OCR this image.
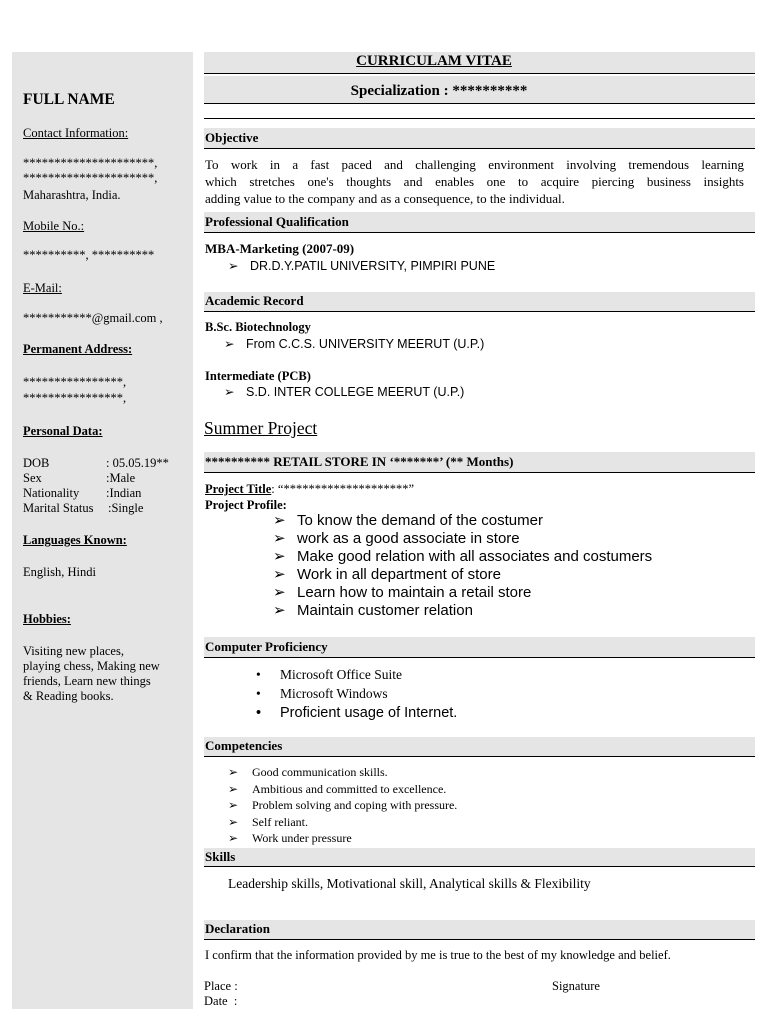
FULL NAME
Contact Information:
*********************,
*********************,
Maharashtra, India.
Mobile No.:
**********, **********
E-Mail:
***********@gmail.com ,
Permanent Address:
****************,
****************,
Personal Data:
DOB	: 05.05.19**
Sex	:Male
Nationality :Indian
Marital Status :Single
Languages Known:
English, Hindi
Hobbies:
Visiting new places,
playing chess, Making new
friends, Learn new things
& Reading books.
CURRICULAM VITAE
Specialization : **********
Objective
To work in a fast paced and challenging environment involving tremendous learning
which stretches one's thoughts and enables one to acquire piercing business insights
adding value to the company and as a consequence, to the individual.
Professional Qualification
MBA-Marketing (2007-09)
➢ DR.D.Y.PATIL UNIVERSITY, PIMPIRI PUNE
Academic Record
B.Sc. Biotechnology
➢ From C.C.S. UNIVERSITY MEERUT (U.P.)
Intermediate (PCB)
➢ S.D. INTER COLLEGE MEERUT (U.P.)
Summer Project
********** RETAIL STORE IN ‘*******’ (** Months)
Project Title: “********************”
Project Profile:
➢ To know the demand of the costumer
➢ work as a good associate in store
➢ Make good relation with all associates and costumers
➢ Work in all department of store
➢ Learn how to maintain a retail store
➢ Maintain customer relation
Computer Proficiency
• Microsoft Office Suite
• Microsoft Windows
• Proficient usage of Internet.
Competencies
➢ Good communication skills.
➢ Ambitious and committed to excellence.
➢ Problem solving and coping with pressure.
➢ Self reliant.
➢ Work under pressure
Skills
Leadership skills, Motivational skill, Analytical skills & Flexibility
Declaration
I confirm that the information provided by me is true to the best of my knowledge and belief.
Place :	Signature
Date  :
